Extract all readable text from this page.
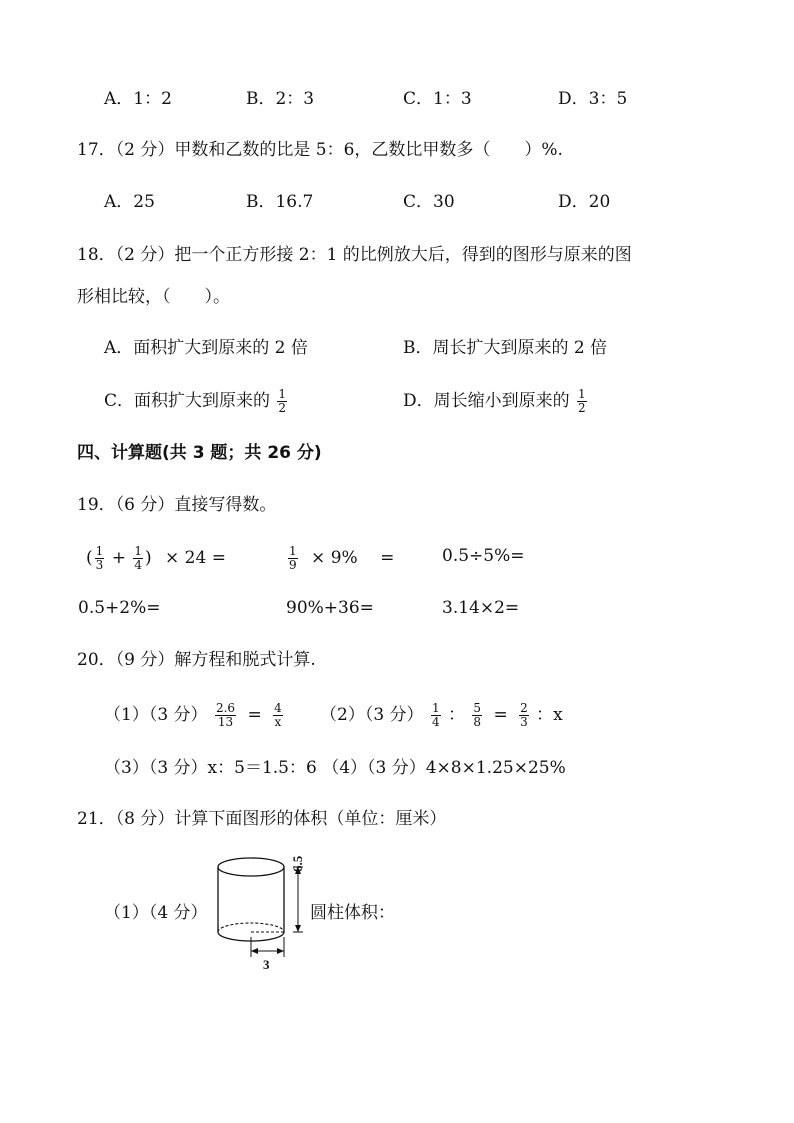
A．1：2	B．2：3	C．1：3	D．3：5
17．（2 分）甲数和乙数的比是 5：6，乙数比甲数多（　　）%.
A．25	B．16.7	C．30	D．20
18．（2 分）把一个正方形接 2：1 的比例放大后，得到的图形与原来的图
形相比较，（　　）。
A．面积扩大到原来的 2 倍	B．周长扩大到原来的 2 倍
C．面积扩大到原来的 $\frac{1}{2}$	D．周长缩小到原来的 $\frac{1}{2}$
四、计算题(共 3 题；共 26 分)
19．（6 分）直接写得数。
( $\frac{1}{3} + \frac{1}{4}$ ) × 24 =	$\frac{1}{9} \times 9\%$　 =	0.5÷5%=
0.5+2%=	90%+36=	3.14×2=
20．（9 分）解方程和脱式计算.
（1）（3 分） $\frac{2.6}{13} = \frac{4}{x} (2)(3$ 分） $\frac{1}{4}$ ： $\frac{5}{8} = \frac{2}{3}$ ：x
（3）（3 分）x：5＝1.5：6 （4）（3 分）4×8×1.25×25%
21．（8 分）计算下面图形的体积（单位：厘米）
（1）（4 分）
6.5
3
圆柱体积：
